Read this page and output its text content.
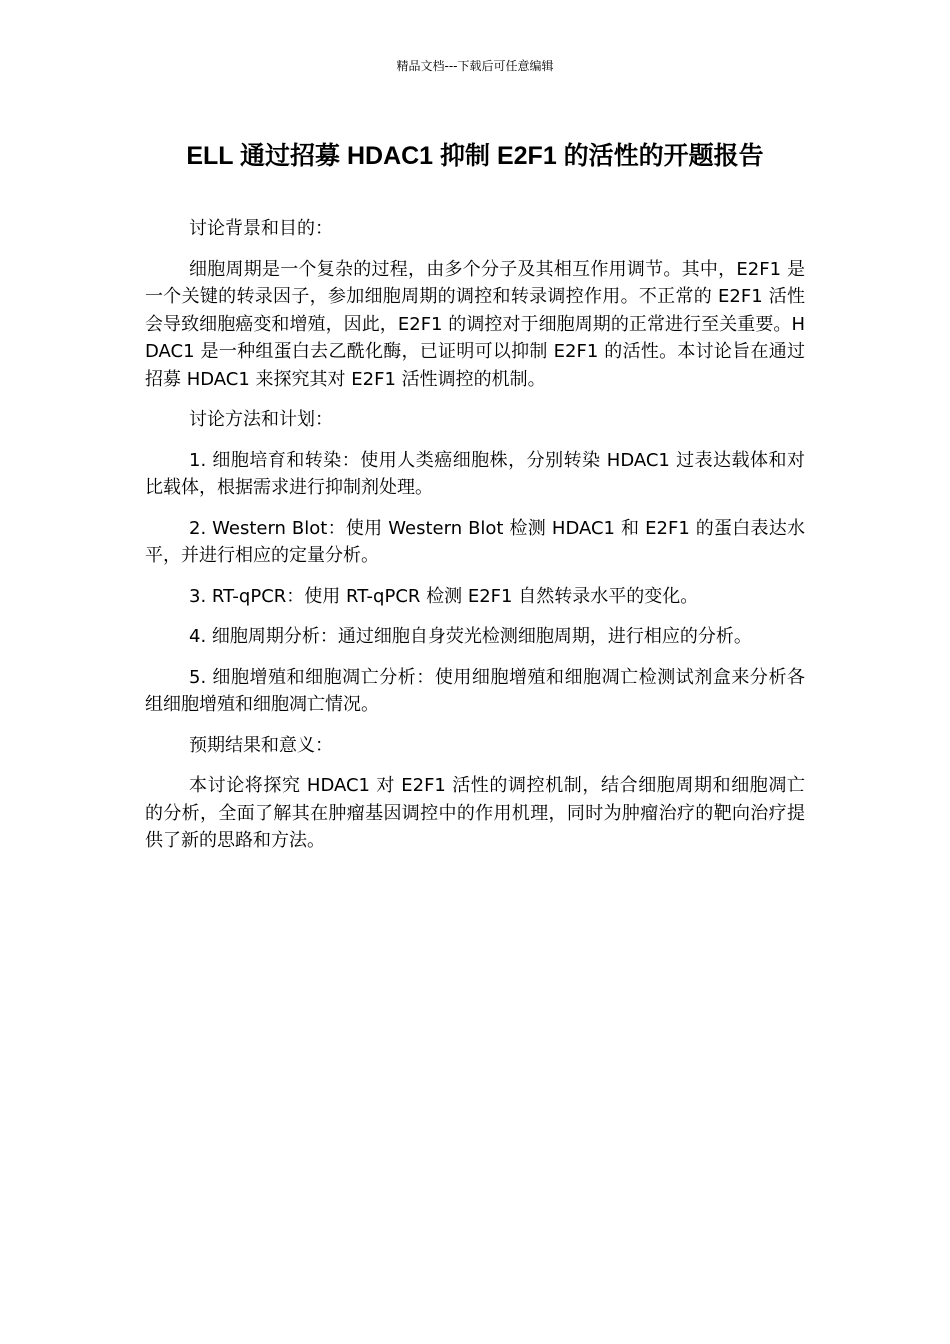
精品文档---下载后可任意编辑
ELL 通过招募 HDAC1 抑制 E2F1 的活性的开题报告

讨论背景和目的：

细胞周期是一个复杂的过程，由多个分子及其相互作用调节。其中，E2F1 是一个关键的转录因子，参加细胞周期的调控和转录调控作用。不正常的 E2F1 活性会导致细胞癌变和增殖，因此，E2F1 的调控对于细胞周期的正常进行至关重要。HDAC1 是一种组蛋白去乙酰化酶，已证明可以抑制 E2F1 的活性。本讨论旨在通过招募 HDAC1 来探究其对 E2F1 活性调控的机制。

讨论方法和计划：

1. 细胞培育和转染：使用人类癌细胞株，分别转染 HDAC1 过表达载体和对比载体，根据需求进行抑制剂处理。

2. Western Blot：使用 Western Blot 检测 HDAC1 和 E2F1 的蛋白表达水平，并进行相应的定量分析。

3. RT-qPCR：使用 RT-qPCR 检测 E2F1 自然转录水平的变化。

4. 细胞周期分析：通过细胞自身荧光检测细胞周期，进行相应的分析。

5. 细胞增殖和细胞凋亡分析：使用细胞增殖和细胞凋亡检测试剂盒来分析各组细胞增殖和细胞凋亡情况。

预期结果和意义：

本讨论将探究 HDAC1 对 E2F1 活性的调控机制，结合细胞周期和细胞凋亡的分析，全面了解其在肿瘤基因调控中的作用机理，同时为肿瘤治疗的靶向治疗提供了新的思路和方法。
